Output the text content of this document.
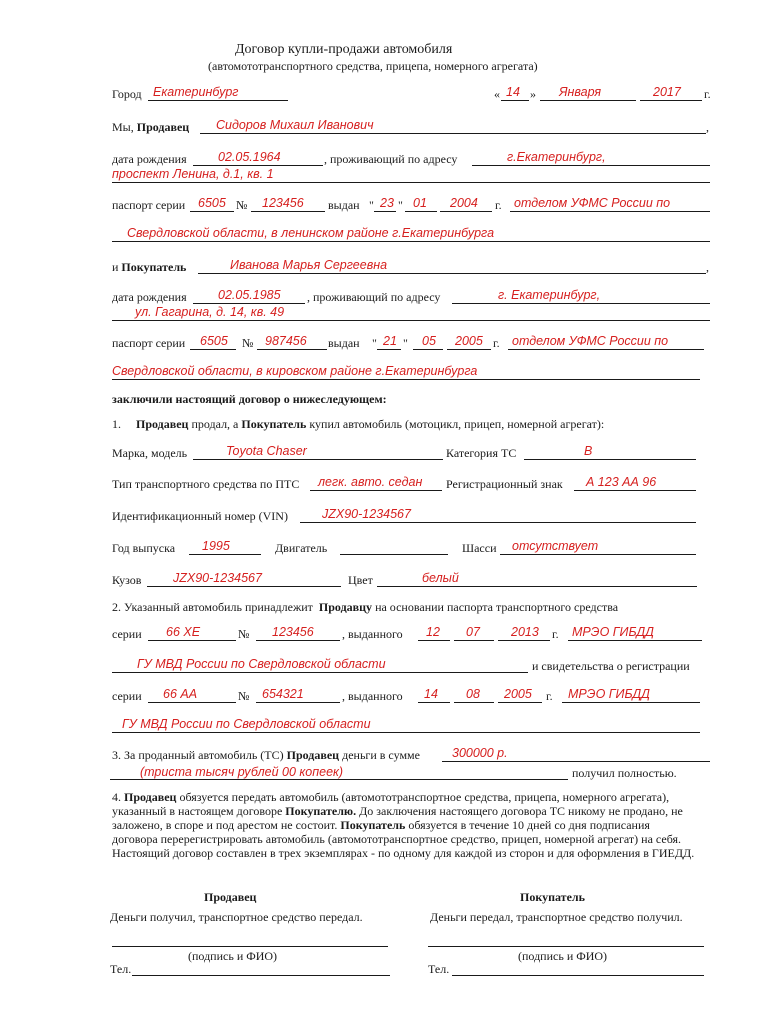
Договор купли-продажи автомобиля
(автомототранспортного средства, прицепа, номерного агрегата)
Город Екатеринбург	« 14 » Января	2017 г.
Мы, Продавец Сидоров Михаил Иванович	,
дата рождения	02.05.1964	, проживающий по адресу	г.Екатеринбург,
проспект Ленина, д.1, кв. 1
паспорт серии 6505 № 123456 выдан " 23 " 01 2004 г. отделом УФМС России по
Свердловской области, в ленинском районе г.Екатеринбурга
и Покупатель	Иванова Марья Сергеевна	,
дата рождения	02.05.1985 , проживающий по адресу	г. Екатеринбург,
ул. Гагарина, д. 14, кв. 49
паспорт серии 6505 № 987456 выдан " 21 " 05 2005 г. отделом УФМС России по
Свердловской области, в кировском районе г.Екатеринбурга
заключили настоящий договор о нижеследующем:
1. Продавец продал, а Покупатель купил автомобиль (мотоцикл, прицеп, номерной агрегат):
Марка, модель	Toyota Chaser	Категория ТС	В
Тип транспортного средства по ПТС легк. авто. седан Регистрационный знак А 123 АА 96
Идентификационный номер (VIN)	JZX90-1234567
Год выпуска 1995	Двигатель	Шасси отсутствует
Кузов	JZX90-1234567	Цвет	белый
2. Указанный автомобиль принадлежит Продавцу на основании паспорта транспортного средства
серии 66 ХЕ	№ 123456 , выданного 12 07 2013 г. МРЭО ГИБДД
ГУ МВД России по Свердловской области	и свидетельства о регистрации
серии 66 АА	№ 654321	, выданного 14 08 2005 г. МРЭО ГИБДД
ГУ МВД России по Свердловской области
3. За проданный автомобиль (ТС) Продавец деньги в сумме	300000 р.
(триста тысяч рублей 00 копеек)	получил полностью.
4. Продавец обязуется передать автомобиль (автомототранспортное средства, прицепа, номерного агрегата), указанный в настоящем договоре Покупателю. До заключения настоящего договора ТС никому не продано, не заложено, в споре и под арестом не состоит. Покупатель обязуется в течение 10 дней со дня подписания договора перерегистрировать автомобиль (автомототранспортное средство, прицеп, номерной агрегат) на себя. Настоящий договор составлен в трех экземплярах - по одному для каждой из сторон и для оформления в ГИЕДД.
Продавец
Деньги получил, транспортное средство передал.
(подпись и ФИО)
Тел.
Покупатель
Деньги передал, транспортное средство получил.
(подпись и ФИО)
Тел.
